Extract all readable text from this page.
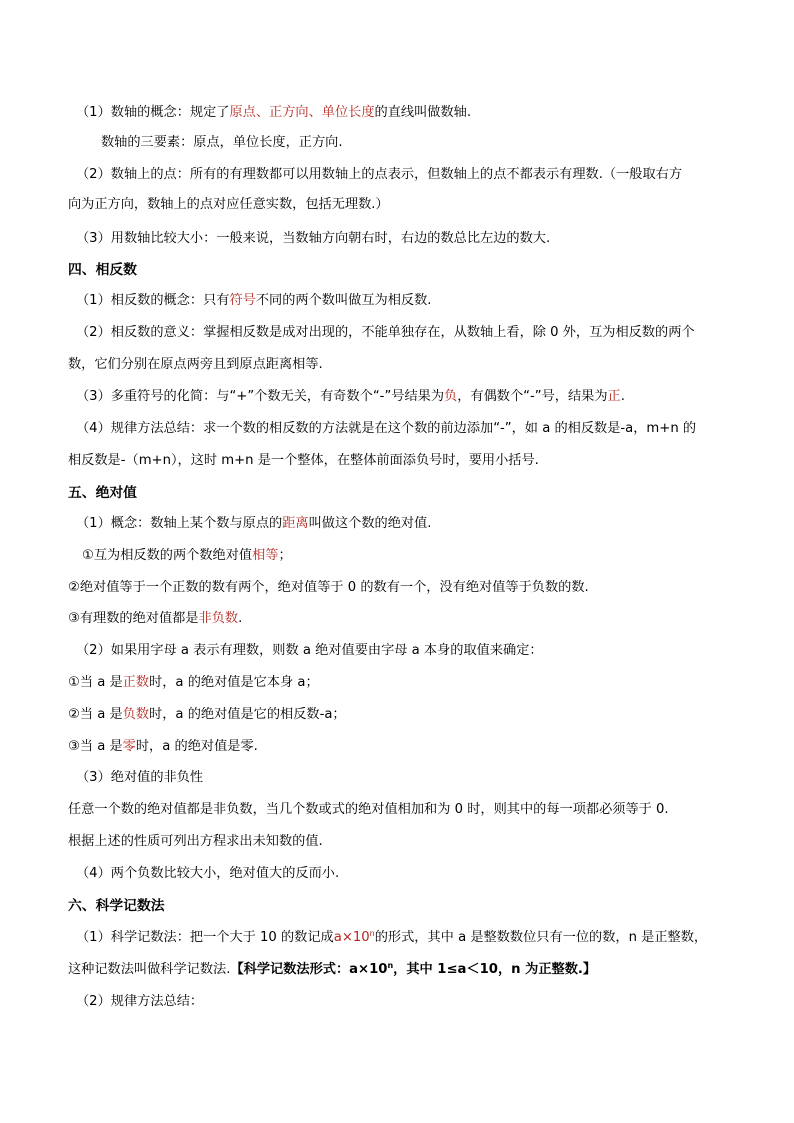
（1）数轴的概念：规定了原点、正方向、单位长度的直线叫做数轴.
数轴的三要素：原点，单位长度，正方向.
（2）数轴上的点：所有的有理数都可以用数轴上的点表示，但数轴上的点不都表示有理数.（一般取右方
向为正方向，数轴上的点对应任意实数，包括无理数.）
（3）用数轴比较大小：一般来说，当数轴方向朝右时，右边的数总比左边的数大.
四、相反数
（1）相反数的概念：只有符号不同的两个数叫做互为相反数.
（2）相反数的意义：掌握相反数是成对出现的，不能单独存在，从数轴上看，除 0 外，互为相反数的两个
数，它们分别在原点两旁且到原点距离相等.
（3）多重符号的化简：与“+”个数无关，有奇数个“-”号结果为负，有偶数个“-”号，结果为正.
（4）规律方法总结：求一个数的相反数的方法就是在这个数的前边添加“-”，如 a 的相反数是-a，m+n 的
相反数是-（m+n），这时 m+n 是一个整体，在整体前面添负号时，要用小括号.
五、绝对值
（1）概念：数轴上某个数与原点的距离叫做这个数的绝对值.
①互为相反数的两个数绝对值相等；
②绝对值等于一个正数的数有两个，绝对值等于 0 的数有一个，没有绝对值等于负数的数.
③有理数的绝对值都是非负数.
（2）如果用字母 a 表示有理数，则数 a 绝对值要由字母 a 本身的取值来确定：
①当 a 是正数时，a 的绝对值是它本身 a；
②当 a 是负数时，a 的绝对值是它的相反数-a；
③当 a 是零时，a 的绝对值是零.
（3）绝对值的非负性
任意一个数的绝对值都是非负数，当几个数或式的绝对值相加和为 0 时，则其中的每一项都必须等于 0.
根据上述的性质可列出方程求出未知数的值.
（4）两个负数比较大小，绝对值大的反而小.
六、科学记数法
（1）科学记数法：把一个大于 10 的数记成$a\times 10^n$的形式，其中 a 是整数数位只有一位的数，n 是正整数，
这种记数法叫做科学记数法.【科学记数法形式：$a\times 10^n$，其中 1≤a＜10，n 为正整数.】
（2）规律方法总结：
